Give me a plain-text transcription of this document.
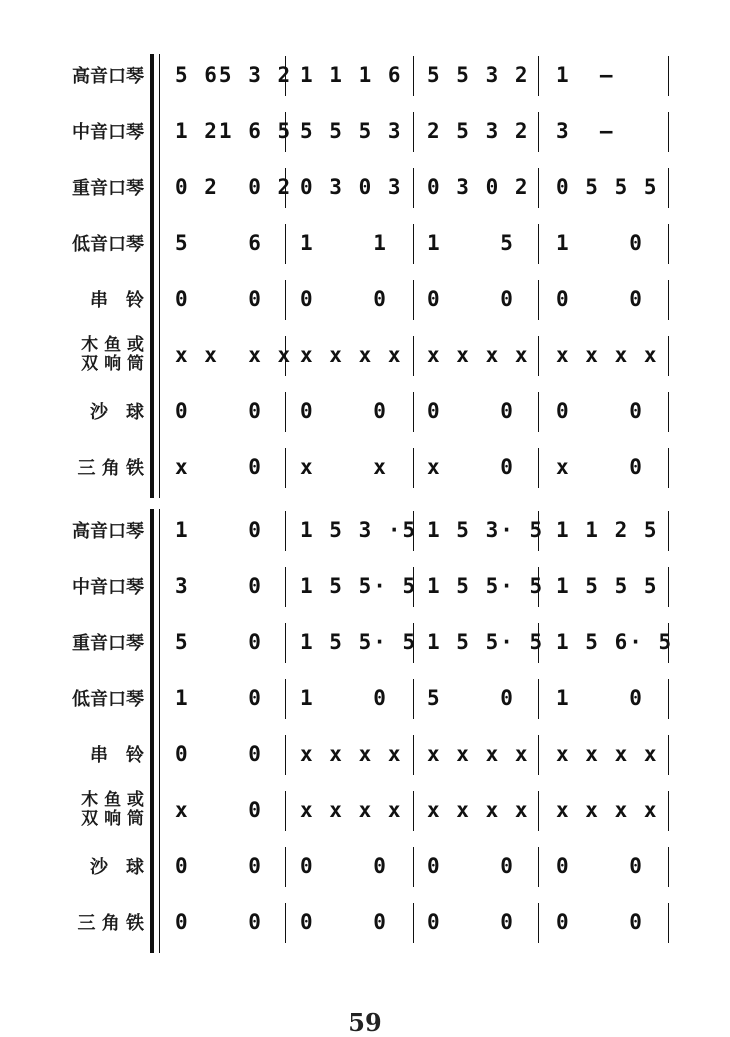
高音口琴 5 65 3 2 1 1 1 6 5 5 3 2 1  –
中音口琴 1 21 6 5 5 5 5 3 2 5 3 2 3  –
重音口琴 0 2  0 2 0 3 0 3 0 3 0 2 0 5 5 5
低音口琴 5    6 1    1 1    5 1    0
串　铃 0    0 0    0 0    0 0    0
木 鱼 或
双 响 筒 x x  x x x x x x x x x x x x x x
沙　球 0    0 0    0 0    0 0    0
三 角 铁 x    0 x    x x    0 x    0
高音口琴 1    0 1 5 3 ·5 1 5 3· 5 1 1 2 5
中音口琴 3    0 1 5 5· 5 1 5 5· 5 1 5 5 5
重音口琴 5    0 1 5 5· 5 1 5 5· 5 1 5 6· 5
低音口琴 1    0 1    0 5    0 1    0
串　铃 0    0 x x x x x x x x x x x x
木 鱼 或
双 响 筒 x    0 x x x x x x x x x x x x
沙　球 0    0 0    0 0    0 0    0
三 角 铁 0    0 0    0 0    0 0    0
59
